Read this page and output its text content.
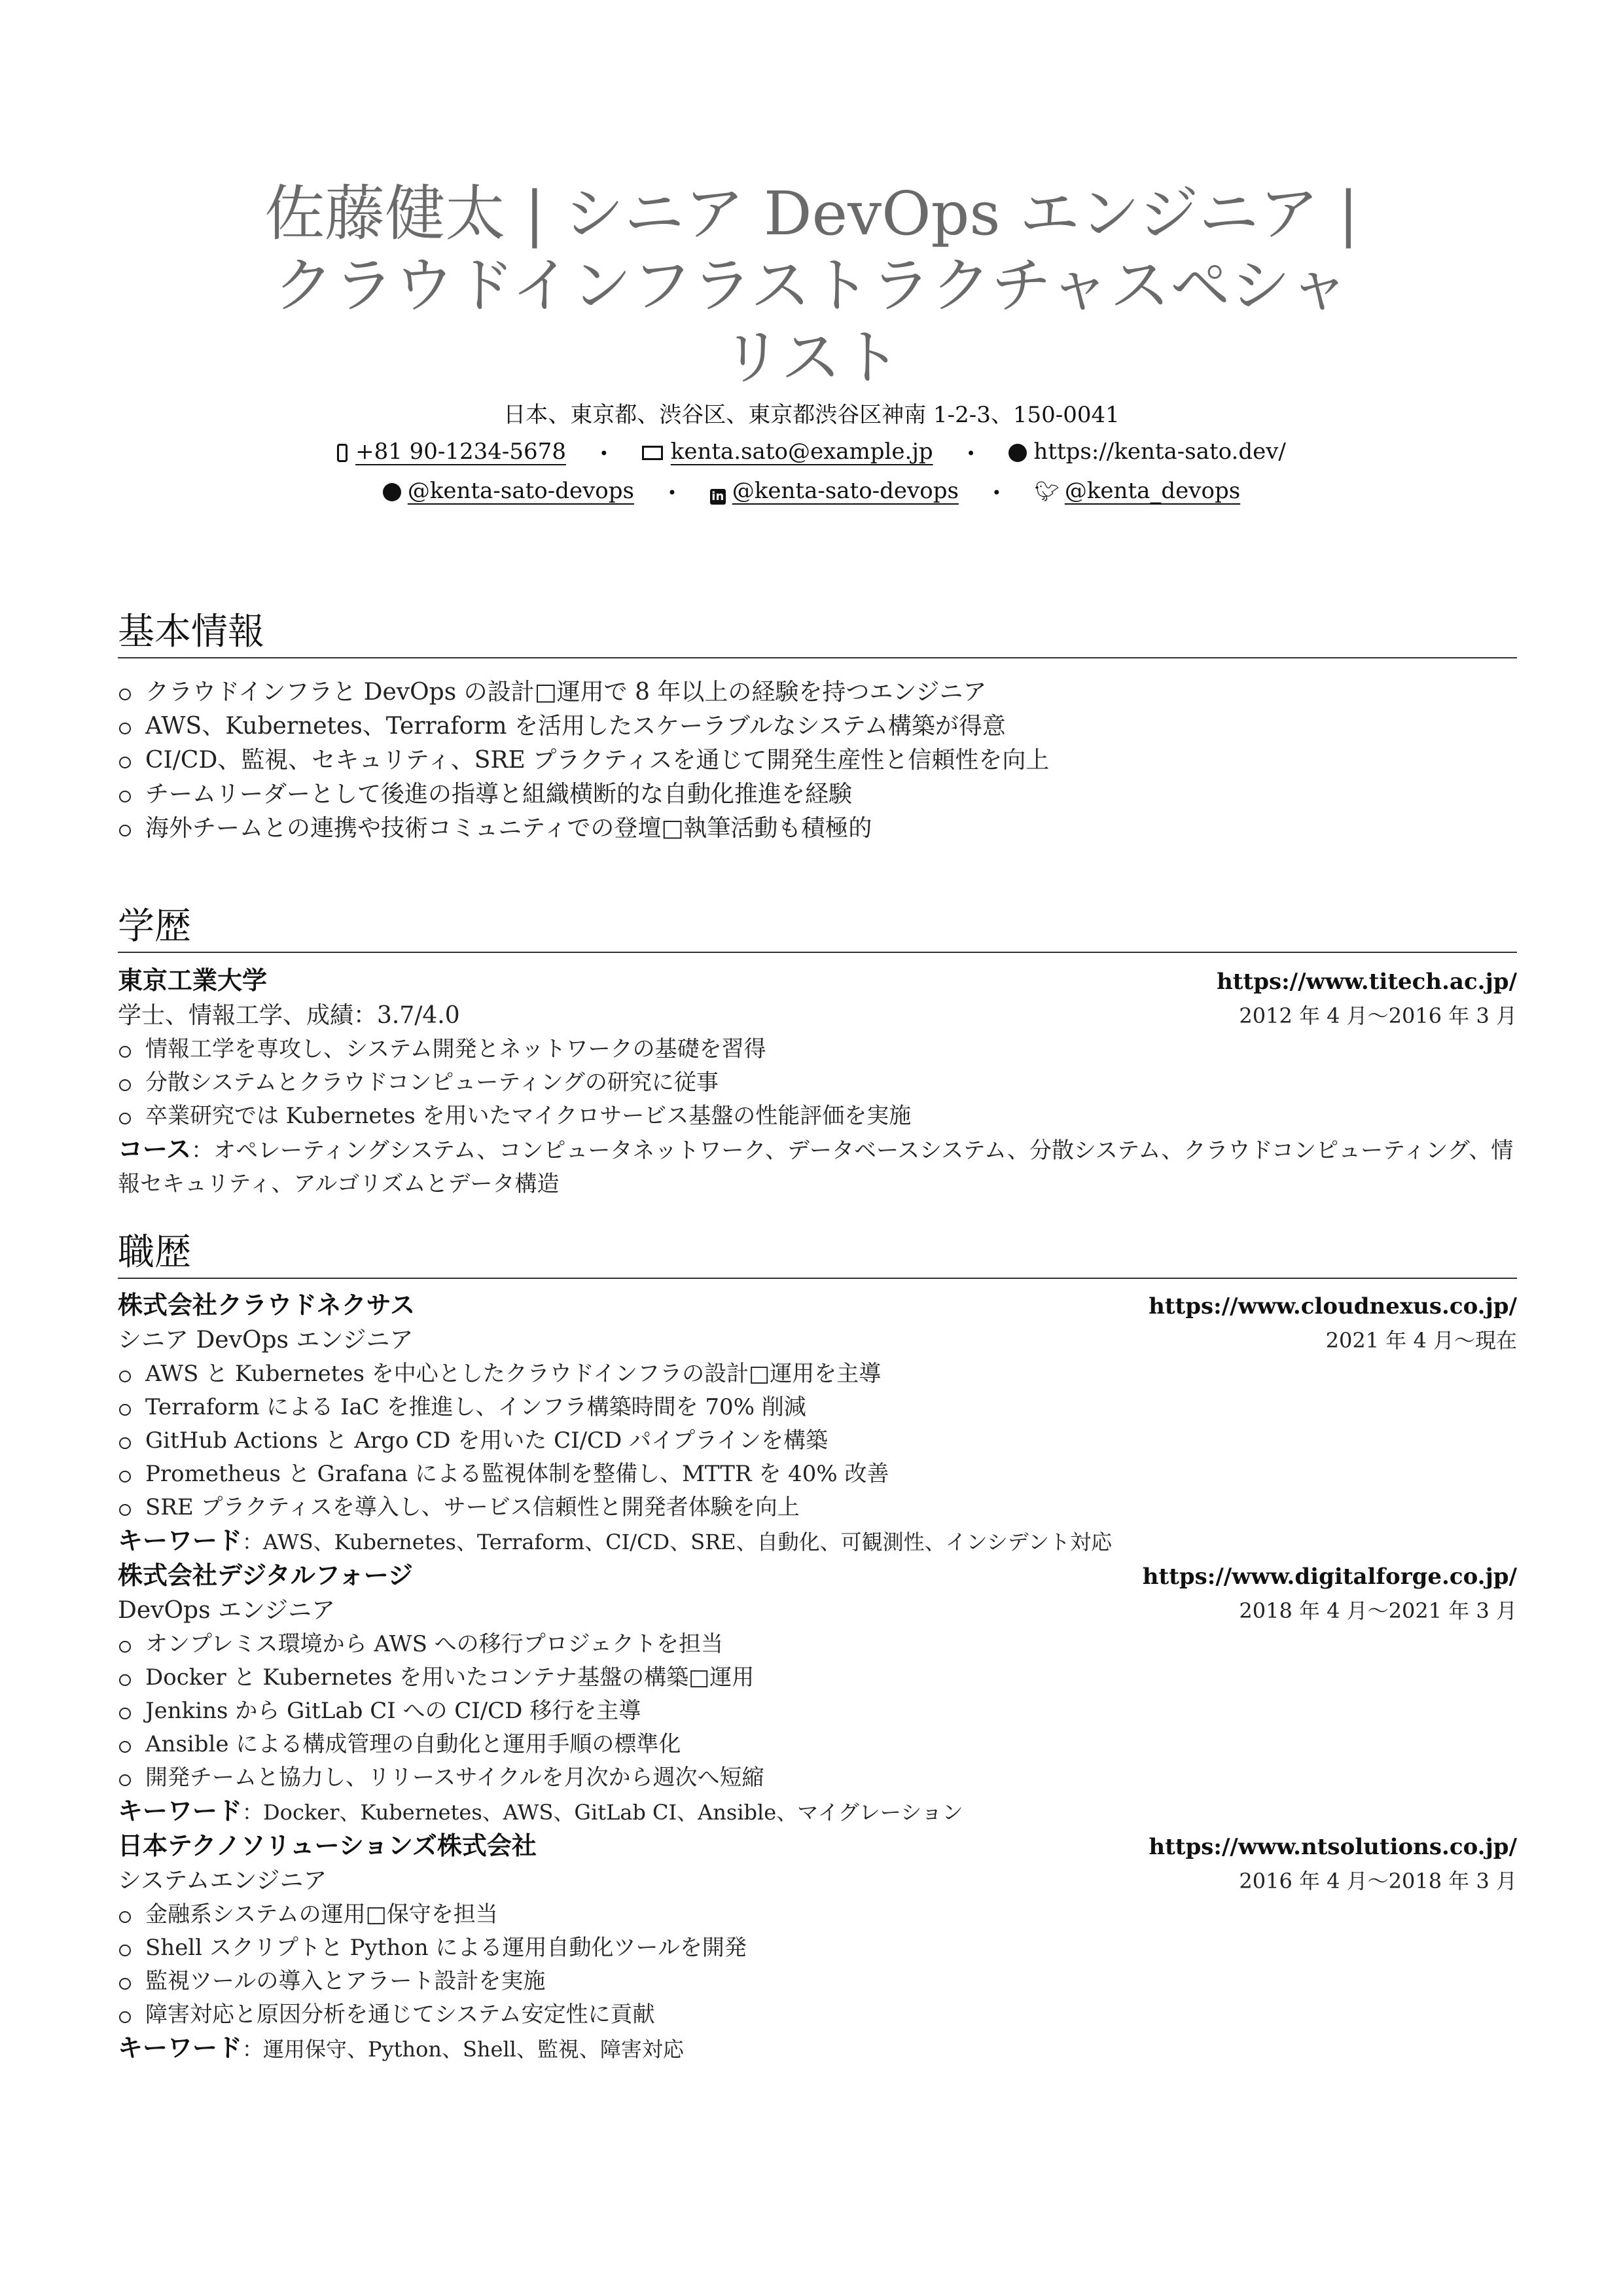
佐藤健太 | シニア DevOps エンジニア | クラウドインフラストラクチャスペシャリスト
日本、東京都、渋谷区、東京都渋谷区神南 1-2-3、150-0041
+81 90-1234-5678 •	kenta.sato@example.jp •	https://kenta-sato.dev/
@kenta-sato-devops •	in @kenta-sato-devops • 🐦︎ @kenta_devops
基本情報
クラウドインフラと DevOps の設計□運用で 8 年以上の経験を持つエンジニア
AWS、Kubernetes、Terraform を活用したスケーラブルなシステム構築が得意
CI/CD、監視、セキュリティ、SRE プラクティスを通じて開発生産性と信頼性を向上
チームリーダーとして後進の指導と組織横断的な自動化推進を経験
海外チームとの連携や技術コミュニティでの登壇□執筆活動も積極的
学歴
東京工業大学	https://www.titech.ac.jp/
学士、情報工学、成績：3.7/4.0	2012 年 4 月〜2016 年 3 月
情報工学を専攻し、システム開発とネットワークの基礎を習得
分散システムとクラウドコンピューティングの研究に従事
卒業研究では Kubernetes を用いたマイクロサービス基盤の性能評価を実施
コース：オペレーティングシステム、コンピュータネットワーク、データベースシステム、分散システム、クラウドコンピューティング、情報セキュリティ、アルゴリズムとデータ構造
職歴
株式会社クラウドネクサス	https://www.cloudnexus.co.jp/
シニア DevOps エンジニア	2021 年 4 月〜現在
AWS と Kubernetes を中心としたクラウドインフラの設計□運用を主導
Terraform による IaC を推進し、インフラ構築時間を 70% 削減
GitHub Actions と Argo CD を用いた CI/CD パイプラインを構築
Prometheus と Grafana による監視体制を整備し、MTTR を 40% 改善
SRE プラクティスを導入し、サービス信頼性と開発者体験を向上
キーワード：AWS、Kubernetes、Terraform、CI/CD、SRE、自動化、可観測性、インシデント対応
株式会社デジタルフォージ	https://www.digitalforge.co.jp/
DevOps エンジニア	2018 年 4 月〜2021 年 3 月
オンプレミス環境から AWS への移行プロジェクトを担当
Docker と Kubernetes を用いたコンテナ基盤の構築□運用
Jenkins から GitLab CI への CI/CD 移行を主導
Ansible による構成管理の自動化と運用手順の標準化
開発チームと協力し、リリースサイクルを月次から週次へ短縮
キーワード：Docker、Kubernetes、AWS、GitLab CI、Ansible、マイグレーション
日本テクノソリューションズ株式会社	https://www.ntsolutions.co.jp/
システムエンジニア	2016 年 4 月〜2018 年 3 月
金融系システムの運用□保守を担当
Shell スクリプトと Python による運用自動化ツールを開発
監視ツールの導入とアラート設計を実施
障害対応と原因分析を通じてシステム安定性に貢献
キーワード：運用保守、Python、Shell、監視、障害対応
